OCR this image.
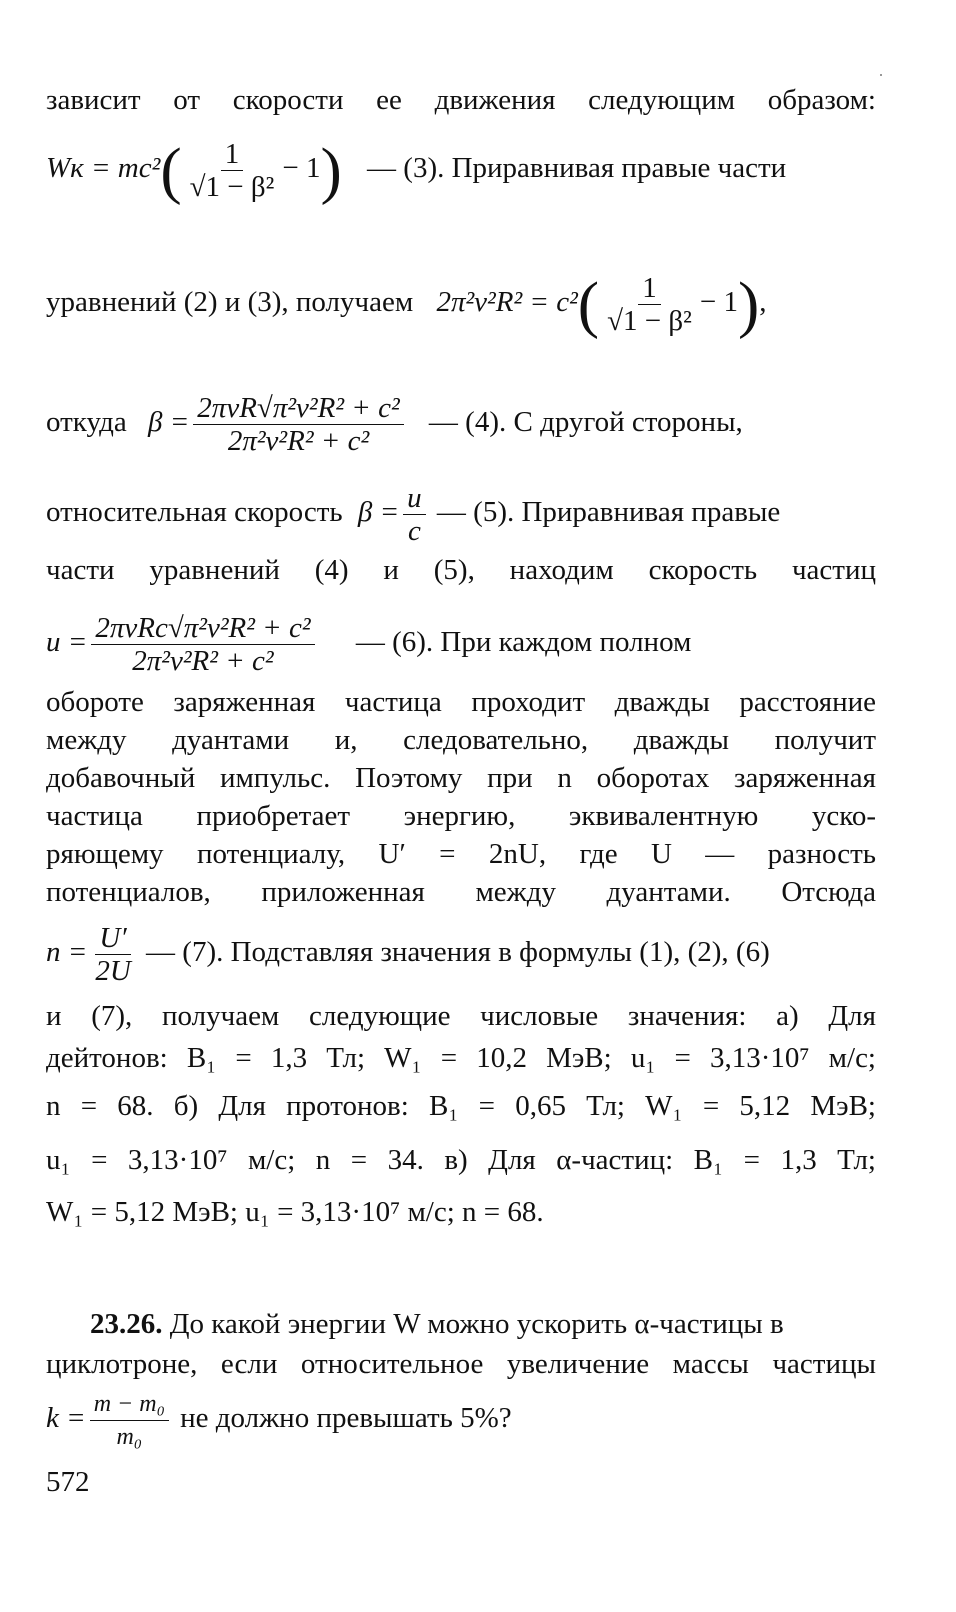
зависит от скорости ее движения следующим образом:
Wк = $mc^2( \frac{1}{\text{√1 − β²}} - 1)$ — (3). Приравнивая правые части
уравнений (2) и (3), получаем $2\pi^2\nu^2R^2 = c^2( \frac{1}{\text{√1 − β²}} - 1)$,
откуда $\beta = \frac{\text{2πνR√π²ν²R² + c²}}{\text{2π²ν²R² + c²}}$ — (4). С другой стороны,
относительная скорость $\beta = \frac{u}{c}$ — (5). Приравнивая правые
части уравнений (4) и (5), находим скорость частиц
$u = \frac{\text{2πνRc√π²ν²R² + c²}}{\text{2π²ν²R² + c²}}$ — (6). При каждом полном
обороте заряженная частица проходит дважды расстояние
между дуантами и, следовательно, дважды получит
добавочный импульс. Поэтому при n оборотах заряженная
частица приобретает энергию, эквивалентную уско-
ряющему потенциалу, U′ = 2nU, где U — разность
потенциалов, приложенная между дуантами. Отсюда
$n = \frac{U'}{2U}$ — (7). Подставляя значения в формулы (1), (2), (6)
и (7), получаем следующие числовые значения: а) Для
дейтонов: B₁ = 1,3 Тл; W₁ = 10,2 МэВ; u₁ = 3,13·10⁷ м/с;
n = 68. б) Для протонов: B₁ = 0,65 Тл; W₁ = 5,12 МэВ;
u₁ = 3,13·10⁷ м/с; n = 34. в) Для α-частиц: B₁ = 1,3 Тл;
W₁ = 5,12 МэВ; u₁ = 3,13·10⁷ м/с; n = 68.
23.26. До какой энергии W можно ускорить α-частицы в
циклотроне, если относительное увеличение массы частицы
$k = \frac{\text{m − m₀}}{\text{m₀}}$ не должно превышать 5%?
572
